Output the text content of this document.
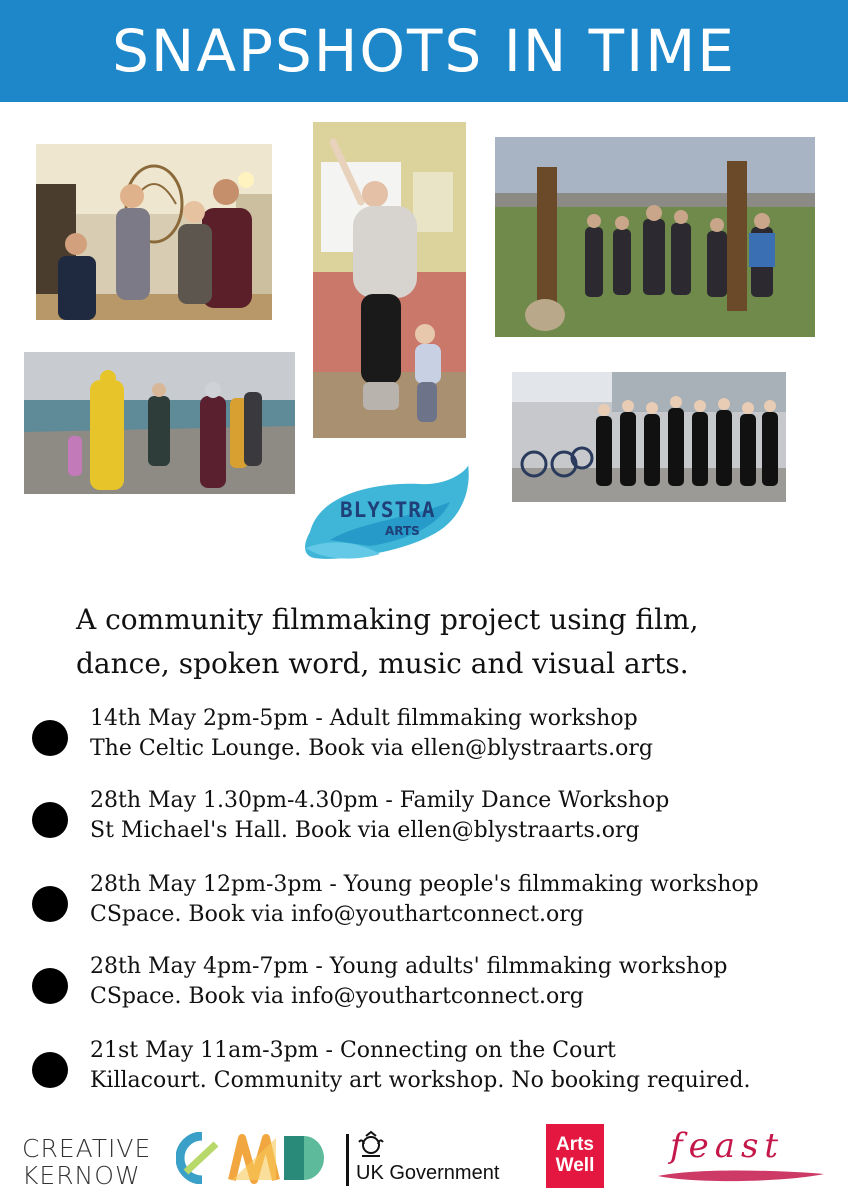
SNAPSHOTS IN TIME
BLYSTRA
ARTS
A community filmmaking project using film,
dance, spoken word, music and visual arts.
14th May 2pm-5pm - Adult filmmaking workshop
The Celtic Lounge. Book via ellen@blystraarts.org
28th May 1.30pm-4.30pm - Family Dance Workshop
St Michael's Hall. Book via ellen@blystraarts.org
28th May 12pm-3pm - Young people's filmmaking workshop
CSpace. Book via info@youthartconnect.org
28th May 4pm-7pm - Young adults' filmmaking workshop
CSpace. Book via info@youthartconnect.org
21st May 11am-3pm - Connecting on the Court
Killacourt. Community art workshop. No booking required.
CREATIVE
KERNOW	UK Government
Arts
Well feast
